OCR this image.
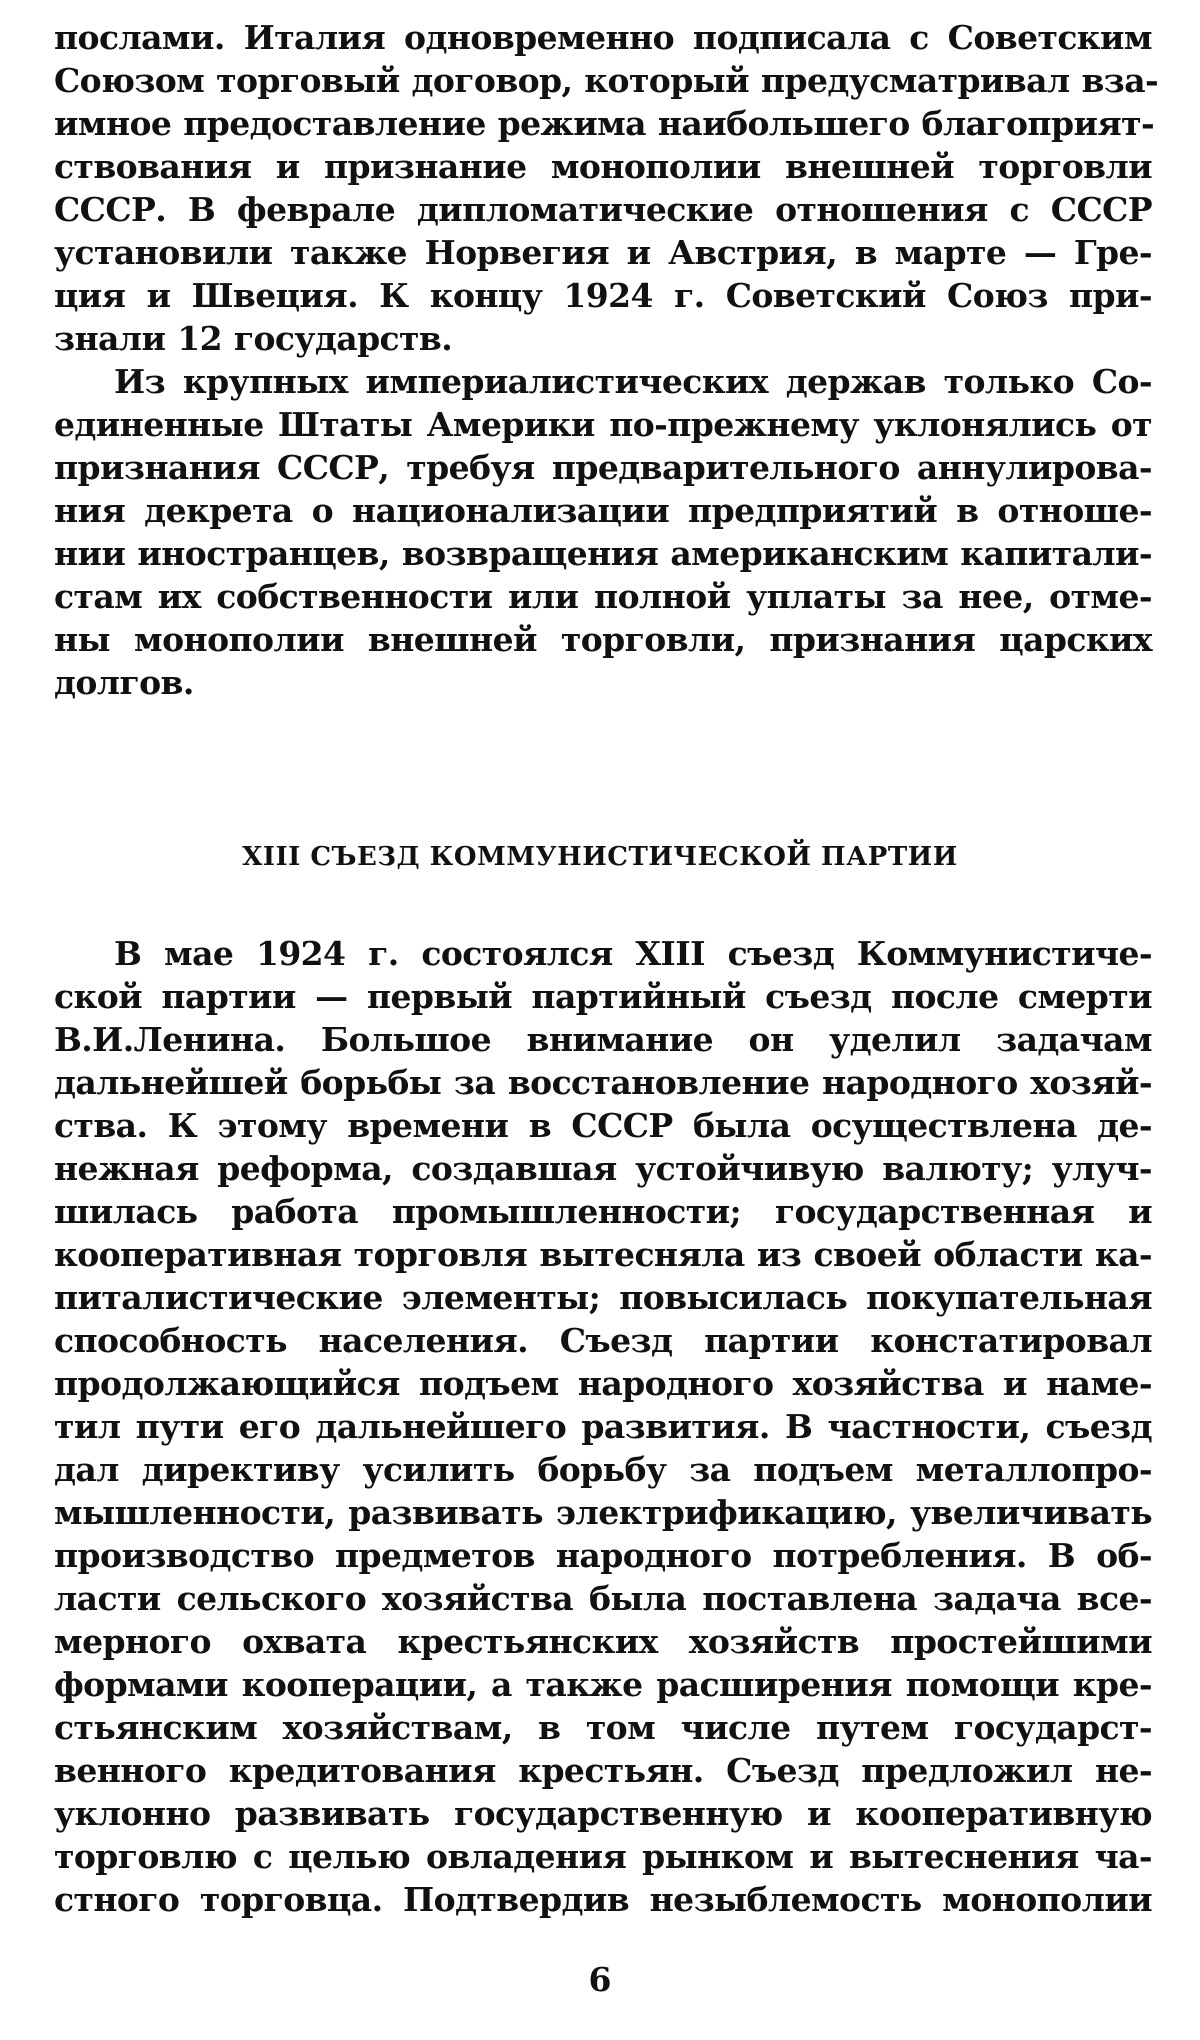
послами. Италия одновременно подписала с Советским
Союзом торговый договор, который предусматривал вза-
имное предоставление режима наибольшего благоприят-
ствования и признание монополии внешней торговли
СССР. В феврале дипломатические отношения с СССР
установили также Норвегия и Австрия, в марте — Гре-
ция и Швеция. К концу 1924 г. Советский Союз при-
знали 12 государств.
Из крупных империалистических держав только Со-
единенные Штаты Америки по-прежнему уклонялись от
признания СССР, требуя предварительного аннулирова-
ния декрета о национализации предприятий в отноше-
нии иностранцев, возвращения американским капитали-
стам их собственности или полной уплаты за нее, отме-
ны монополии внешней торговли, признания царских
долгов.
XIII СЪЕЗД КОММУНИСТИЧЕСКОЙ ПАРТИИ
В мае 1924 г. состоялся XIII съезд Коммунистиче-
ской партии — первый партийный съезд после смерти
В.И.Ленина. Большое внимание он уделил задачам
дальнейшей борьбы за восстановление народного хозяй-
ства. К этому времени в СССР была осуществлена де-
нежная реформа, создавшая устойчивую валюту; улуч-
шилась работа промышленности; государственная и
кооперативная торговля вытесняла из своей области ка-
питалистические элементы; повысилась покупательная
способность населения. Съезд партии констатировал
продолжающийся подъем народного хозяйства и наме-
тил пути его дальнейшего развития. В частности, съезд
дал директиву усилить борьбу за подъем металлопро-
мышленности, развивать электрификацию, увеличивать
производство предметов народного потребления. В об-
ласти сельского хозяйства была поставлена задача все-
мерного охвата крестьянских хозяйств простейшими
формами кооперации, а также расширения помощи кре-
стьянским хозяйствам, в том числе путем государст-
венного кредитования крестьян. Съезд предложил не-
уклонно развивать государственную и кооперативную
торговлю с целью овладения рынком и вытеснения ча-
стного торговца. Подтвердив незыблемость монополии
6
